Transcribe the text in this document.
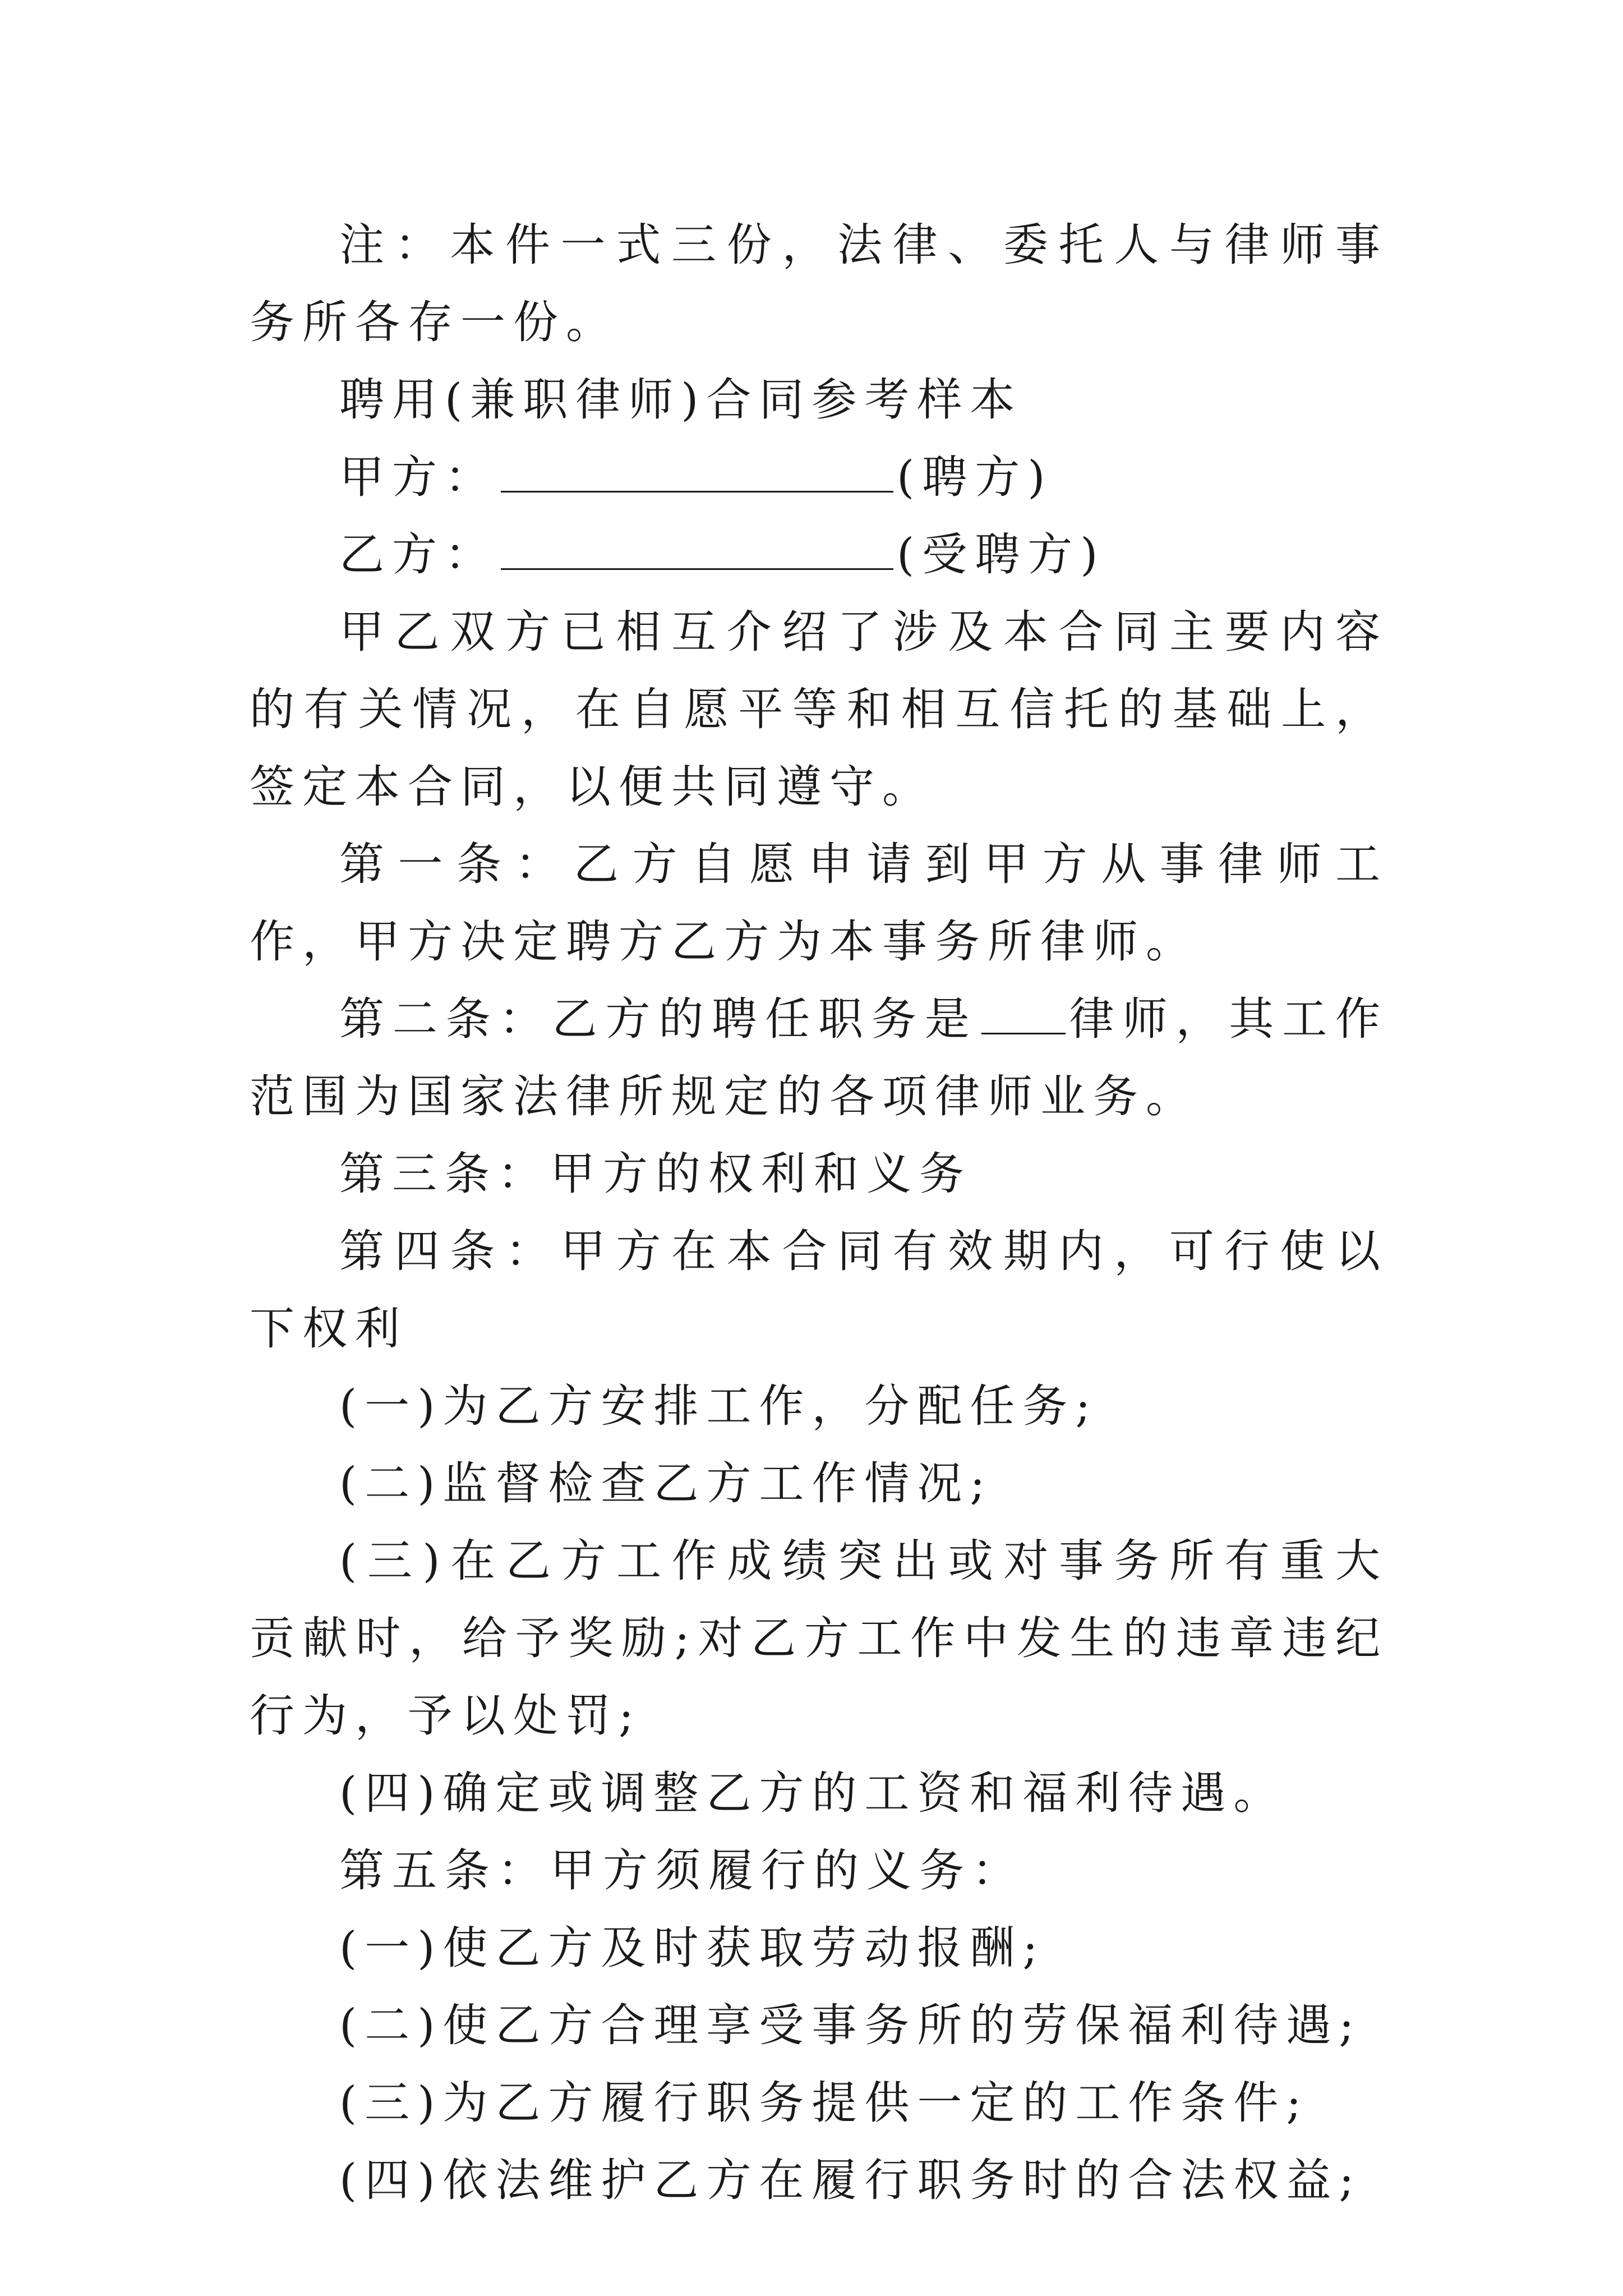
注：本件一式三份，法律、委托人与律师事务所各存一份。

聘用(兼职律师)合同参考样本

甲方：	(聘方)

乙方：	(受聘方)

甲乙双方已相互介绍了涉及本合同主要内容的有关情况，在自愿平等和相互信托的基础上，签定本合同，以便共同遵守。

第一条：乙方自愿申请到甲方从事律师工作，甲方决定聘方乙方为本事务所律师。

第二条：乙方的聘任职务是 律师，其工作范围为国家法律所规定的各项律师业务。

第三条：甲方的权利和义务

第四条：甲方在本合同有效期内，可行使以下权利

(一)为乙方安排工作，分配任务;

(二)监督检查乙方工作情况;

(三)在乙方工作成绩突出或对事务所有重大贡献时，给予奖励;对乙方工作中发生的违章违纪行为，予以处罚;

(四)确定或调整乙方的工资和福利待遇。

第五条：甲方须履行的义务：

(一)使乙方及时获取劳动报酬;

(二)使乙方合理享受事务所的劳保福利待遇;

(三)为乙方履行职务提供一定的工作条件;

(四)依法维护乙方在履行职务时的合法权益;
